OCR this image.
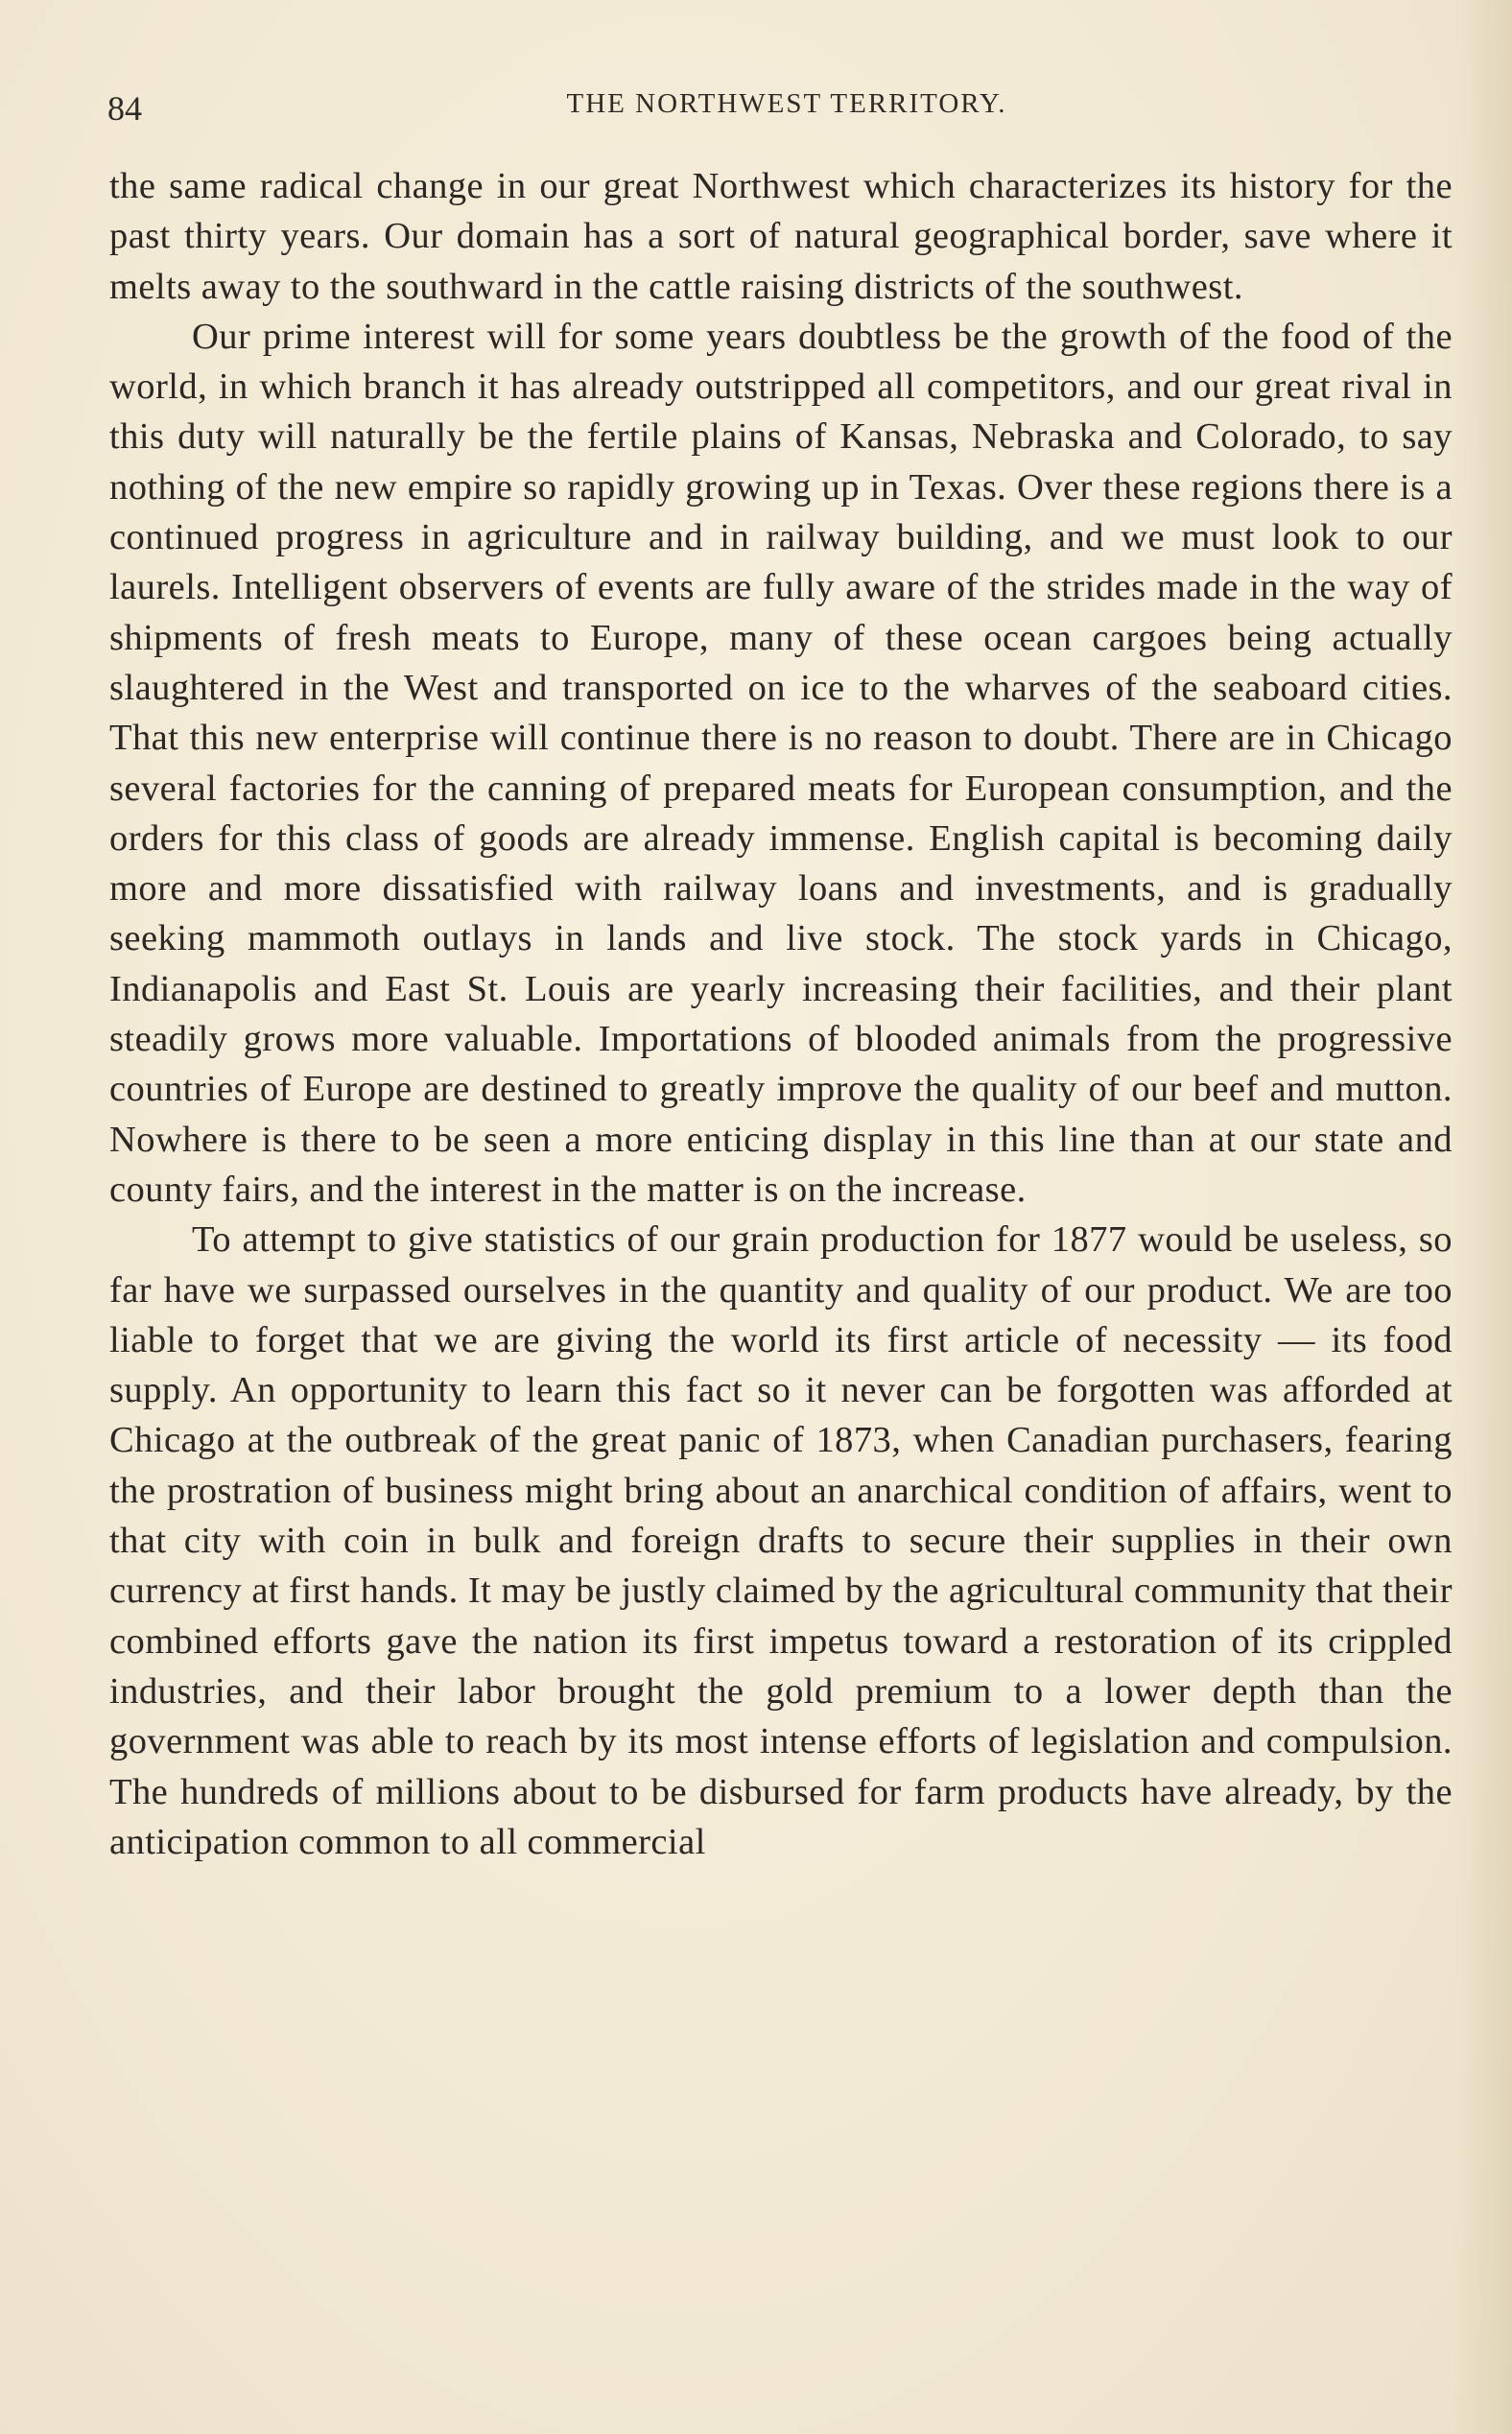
84	THE NORTHWEST TERRITORY.

the same radical change in our great Northwest which characterizes its history for the past thirty years. Our domain has a sort of natural geographical border, save where it melts away to the southward in the cattle raising districts of the southwest.

Our prime interest will for some years doubtless be the growth of the food of the world, in which branch it has already outstripped all competitors, and our great rival in this duty will naturally be the fertile plains of Kansas, Nebraska and Colorado, to say nothing of the new empire so rapidly growing up in Texas. Over these regions there is a continued progress in agriculture and in railway building, and we must look to our laurels. Intelligent observers of events are fully aware of the strides made in the way of shipments of fresh meats to Europe, many of these ocean cargoes being actually slaughtered in the West and transported on ice to the wharves of the seaboard cities. That this new enterprise will continue there is no reason to doubt. There are in Chicago several factories for the canning of prepared meats for European consumption, and the orders for this class of goods are already immense. English capital is becoming daily more and more dissatisfied with railway loans and investments, and is gradually seeking mammoth outlays in lands and live stock. The stock yards in Chicago, Indianapolis and East St. Louis are yearly increasing their facilities, and their plant steadily grows more valuable. Importations of blooded animals from the progressive countries of Europe are destined to greatly improve the quality of our beef and mutton. Nowhere is there to be seen a more enticing display in this line than at our state and county fairs, and the interest in the matter is on the increase.

To attempt to give statistics of our grain production for 1877 would be useless, so far have we surpassed ourselves in the quantity and quality of our product. We are too liable to forget that we are giving the world its first article of necessity — its food supply. An opportunity to learn this fact so it never can be forgotten was afforded at Chicago at the outbreak of the great panic of 1873, when Canadian purchasers, fearing the prostration of business might bring about an anarchical condition of affairs, went to that city with coin in bulk and foreign drafts to secure their supplies in their own currency at first hands. It may be justly claimed by the agricultural community that their combined efforts gave the nation its first impetus toward a restoration of its crippled industries, and their labor brought the gold premium to a lower depth than the government was able to reach by its most intense efforts of legislation and compulsion. The hundreds of millions about to be disbursed for farm products have already, by the anticipation common to all commercial
